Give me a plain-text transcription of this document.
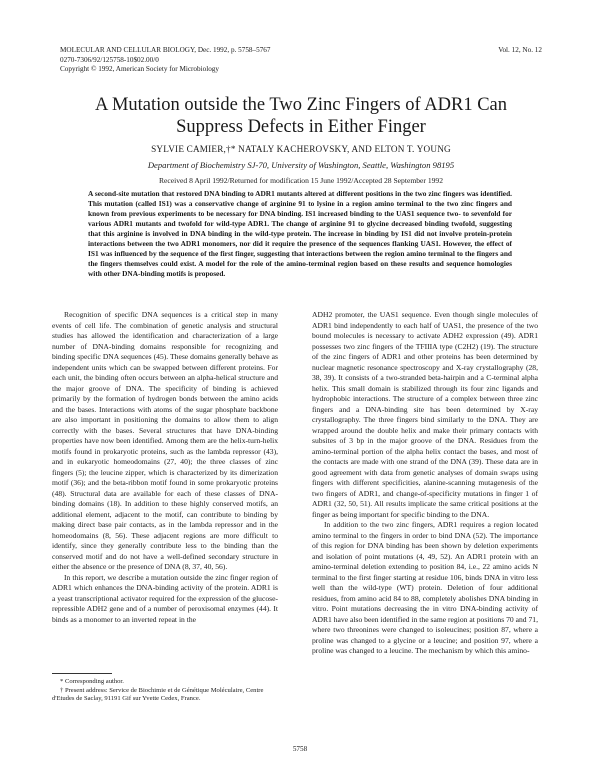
MOLECULAR AND CELLULAR BIOLOGY, Dec. 1992, p. 5758–5767
0270-7306/92/125758-10$02.00/0
Copyright © 1992, American Society for Microbiology
Vol. 12, No. 12
A Mutation outside the Two Zinc Fingers of ADR1 Can Suppress Defects in Either Finger
SYLVIE CAMIER,†* NATALY KACHEROVSKY, AND ELTON T. YOUNG
Department of Biochemistry SJ-70, University of Washington, Seattle, Washington 98195
Received 8 April 1992/Returned for modification 15 June 1992/Accepted 28 September 1992
A second-site mutation that restored DNA binding to ADR1 mutants altered at different positions in the two zinc fingers was identified. This mutation (called IS1) was a conservative change of arginine 91 to lysine in a region amino terminal to the two zinc fingers and known from previous experiments to be necessary for DNA binding. IS1 increased binding to the UAS1 sequence two- to sevenfold for various ADR1 mutants and twofold for wild-type ADR1. The change of arginine 91 to glycine decreased binding twofold, suggesting that this arginine is involved in DNA binding in the wild-type protein. The increase in binding by IS1 did not involve protein-protein interactions between the two ADR1 monomers, nor did it require the presence of the sequences flanking UAS1. However, the effect of IS1 was influenced by the sequence of the first finger, suggesting that interactions between the region amino terminal to the fingers and the fingers themselves could exist. A model for the role of the amino-terminal region based on these results and sequence homologies with other DNA-binding motifs is proposed.

Recognition of specific DNA sequences is a critical step in many events of cell life. The combination of genetic analysis and structural studies has allowed the identification and characterization of a large number of DNA-binding domains responsible for recognizing and binding specific DNA sequences (45). These domains generally behave as independent units which can be swapped between different proteins. For each unit, the binding often occurs between an alpha-helical structure and the major groove of DNA. The specificity of binding is achieved primarily by the formation of hydrogen bonds between the amino acids and the bases. Interactions with atoms of the sugar phosphate backbone are also important in positioning the domains to allow them to align correctly with the bases. Several structures that have DNA-binding properties have now been identified. Among them are the helix-turn-helix motifs found in prokaryotic proteins, such as the lambda repressor (43), and in eukaryotic homeodomains (27, 40); the three classes of zinc fingers (5); the leucine zipper, which is characterized by its dimerization motif (36); and the beta-ribbon motif found in some prokaryotic proteins (48). Structural data are available for each of these classes of DNA-binding domains (18). In addition to these highly conserved motifs, an additional element, adjacent to the motif, can contribute to binding by making direct base pair contacts, as in the lambda repressor and in the homeodomains (8, 56). These adjacent regions are more difficult to identify, since they generally contribute less to the binding than the conserved motif and do not have a well-defined secondary structure in either the absence or the presence of DNA (8, 37, 40, 56).

In this report, we describe a mutation outside the zinc finger region of ADR1 which enhances the DNA-binding activity of the protein. ADR1 is a yeast transcriptional activator required for the expression of the glucose-repressible ADH2 gene and of a number of peroxisomal enzymes (44). It binds as a monomer to an inverted repeat in the

ADH2 promoter, the UAS1 sequence. Even though single molecules of ADR1 bind independently to each half of UAS1, the presence of the two bound molecules is necessary to activate ADH2 expression (49). ADR1 possesses two zinc fingers of the TFIIIA type (C2H2) (19). The structure of the zinc fingers of ADR1 and other proteins has been determined by nuclear magnetic resonance spectroscopy and X-ray crystallography (28, 38, 39). It consists of a two-stranded beta-hairpin and a C-terminal alpha helix. This small domain is stabilized through its four zinc ligands and hydrophobic interactions. The structure of a complex between three zinc fingers and a DNA-binding site has been determined by X-ray crystallography. The three fingers bind similarly to the DNA. They are wrapped around the double helix and make their primary contacts with subsites of 3 bp in the major groove of the DNA. Residues from the amino-terminal portion of the alpha helix contact the bases, and most of the contacts are made with one strand of the DNA (39). These data are in good agreement with data from genetic analyses of domain swaps using fingers with different specificities, alanine-scanning mutagenesis of the two fingers of ADR1, and change-of-specificity mutations in finger 1 of ADR1 (32, 50, 51). All results implicate the same critical positions at the finger as being important for specific binding to the DNA.

In addition to the two zinc fingers, ADR1 requires a region located amino terminal to the fingers in order to bind DNA (52). The importance of this region for DNA binding has been shown by deletion experiments and isolation of point mutations (4, 49, 52). An ADR1 protein with an amino-terminal deletion extending to position 84, i.e., 22 amino acids N terminal to the first finger starting at residue 106, binds DNA in vitro less well than the wild-type (WT) protein. Deletion of four additional residues, from amino acid 84 to 88, completely abolishes DNA binding in vitro. Point mutations decreasing the in vitro DNA-binding activity of ADR1 have also been identified in the same region at positions 70 and 71, where two threonines were changed to isoleucines; position 87, where a proline was changed to a glycine or a leucine; and position 97, where a proline was changed to a leucine. The mechanism by which this amino-

* Corresponding author.
† Present address: Service de Biochimie et de Génétique Moléculaire, Centre d'Etudes de Saclay, 91191 Gif sur Yvette Cedex, France.
5758
